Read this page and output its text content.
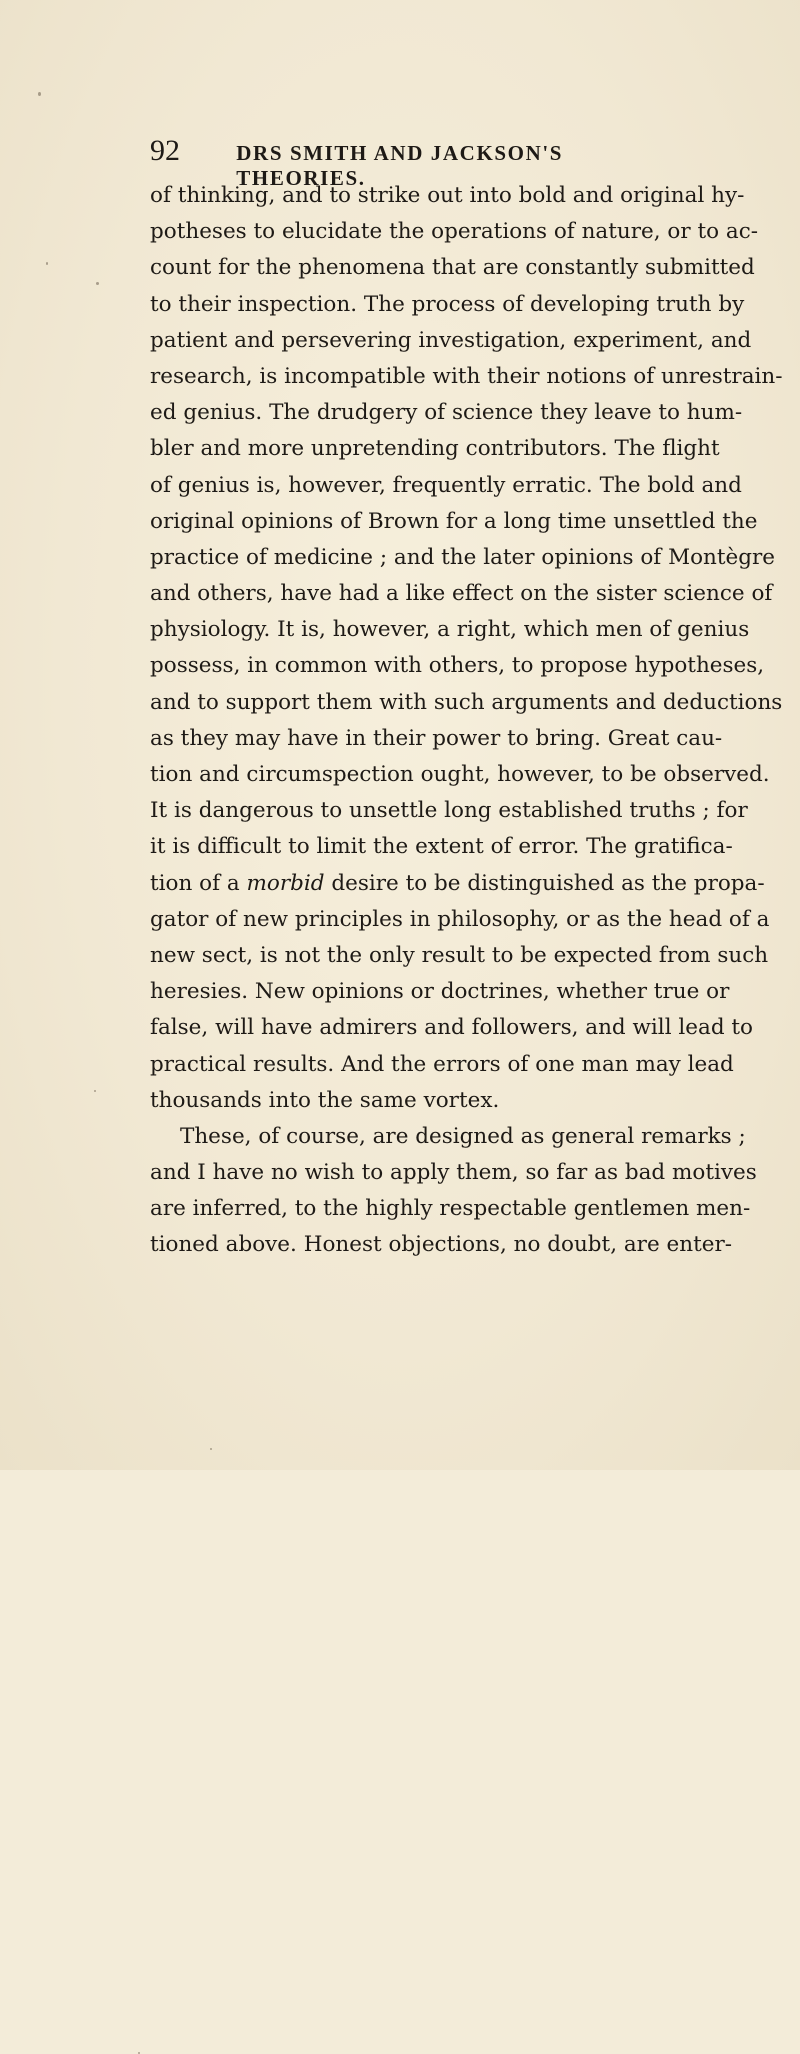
92	DRS SMITH AND JACKSON'S THEORIES.
of thinking, and to strike out into bold and original hy-
potheses to elucidate the operations of nature, or to ac-
count for the phenomena that are constantly submitted
to their inspection. The process of developing truth by
patient and persevering investigation, experiment, and
research, is incompatible with their notions of unrestrain-
ed genius. The drudgery of science they leave to hum-
bler and more unpretending contributors. The flight
of genius is, however, frequently erratic. The bold and
original opinions of Brown for a long time unsettled the
practice of medicine ; and the later opinions of Montègre
and others, have had a like effect on the sister science of
physiology. It is, however, a right, which men of genius
possess, in common with others, to propose hypotheses,
and to support them with such arguments and deductions
as they may have in their power to bring. Great cau-
tion and circumspection ought, however, to be observed.
It is dangerous to unsettle long established truths ; for
it is difficult to limit the extent of error. The gratifica-
tion of a morbid desire to be distinguished as the propa-
gator of new principles in philosophy, or as the head of a
new sect, is not the only result to be expected from such
heresies. New opinions or doctrines, whether true or
false, will have admirers and followers, and will lead to
practical results. And the errors of one man may lead
thousands into the same vortex.
These, of course, are designed as general remarks ;
and I have no wish to apply them, so far as bad motives
are inferred, to the highly respectable gentlemen men-
tioned above. Honest objections, no doubt, are enter-
